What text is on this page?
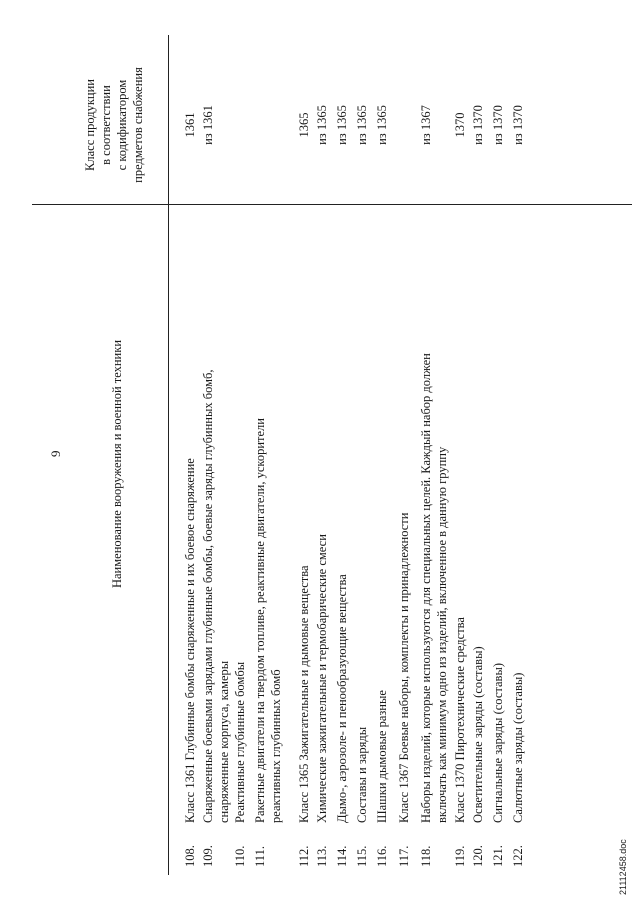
9	Наименование вооружения и военной техники
Класс продукции в соответствии с кодификатором предметов снабжения
108.
Класс 1361 Глубинные бомбы снаряженные и их боевое снаряжение
1361
109.
Снаряженные боевыми зарядами глубинные бомбы, боевые заряды глубинных бомб, снаряженные корпуса, камеры
из 1361
110.
Реактивные глубинные бомбы
111.
Ракетные двигатели на твердом топливе, реактивные двигатели, ускорители реактивных глубинных бомб
112.
Класс 1365 Зажигательные и дымовые вещества
1365
113.
Химические зажигательные и термобарические смеси
из 1365
114.
Дымо-, аэрозоле- и пенообразующие вещества
из 1365
115.
Составы и заряды
из 1365
116.
Шашки дымовые разные
из 1365
117.
Класс 1367 Боевые наборы, комплекты и принадлежности
118.
Наборы изделий, которые используются для специальных целей. Каждый набор должен включать как минимум одно из изделий, включенное в данную группу
из 1367
119.
Класс 1370 Пиротехнические средства
1370
120.
Осветительные заряды (составы)
из 1370
121.
Сигнальные заряды (составы)
из 1370
122.
Салютные заряды (составы)
из 1370
21112458.doc
